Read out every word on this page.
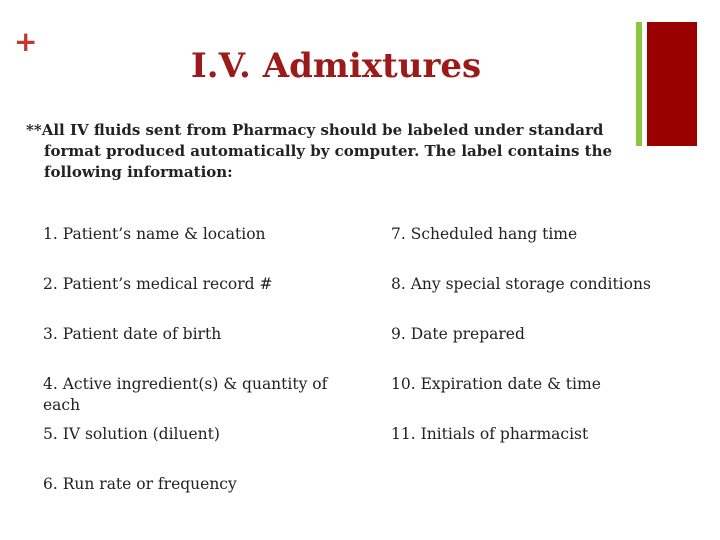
+
I.V. Admixtures

**All IV fluids sent from Pharmacy should be labeled under standard format produced automatically by computer. The label contains the following information:

1. Patient’s name & location
2. Patient’s medical record #
3. Patient date of birth
4. Active ingredient(s) & quantity of each
5. IV solution (diluent)
6. Run rate or frequency
7. Scheduled hang time
8. Any special storage conditions
9. Date prepared
10. Expiration date & time
11. Initials of pharmacist
